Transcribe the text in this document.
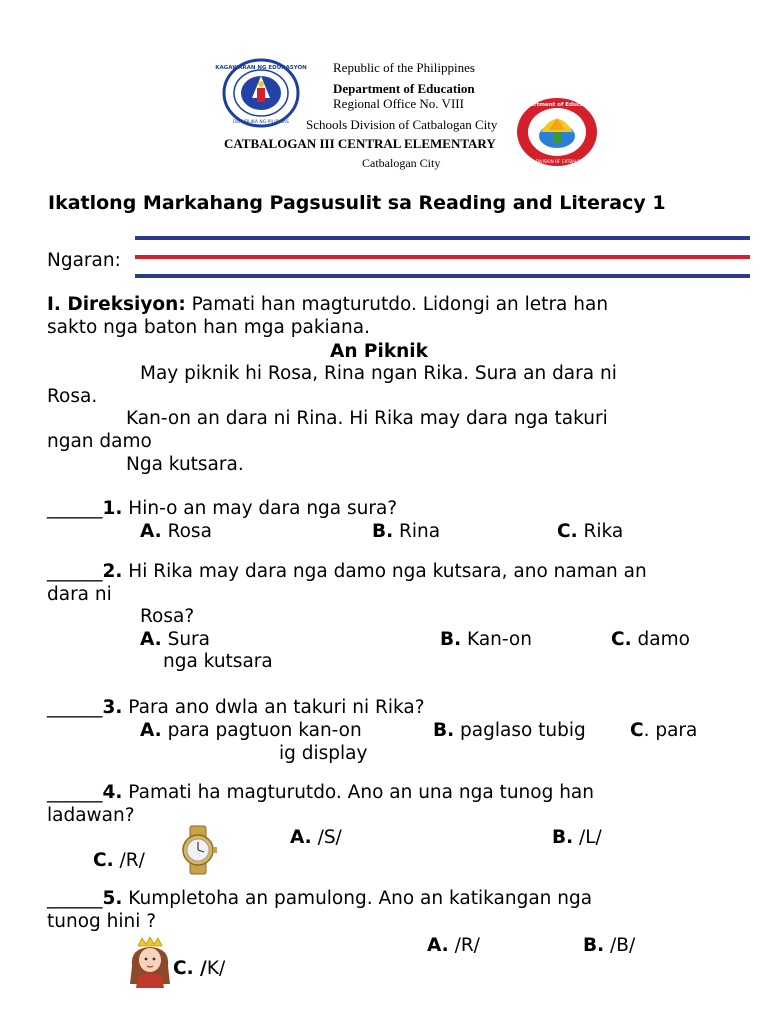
KAGAWARAN NG EDUKASYON
REPUBLIKA NG PILIPINAS
Department of Education
SCHOOLS DIVISION OF CATBALOGAN CITY
Republic of the Philippines
Department of Education
Regional Office No. VIII
Schools Division of Catbalogan City
CATBALOGAN III CENTRAL ELEMENTARY
Catbalogan City
Ikatlong Markahang Pagsusulit sa Reading and Literacy 1
Ngaran:
I. Direksiyon: Pamati han magturutdo. Lidongi an letra han
sakto nga baton han mga pakiana.
An Piknik
May piknik hi Rosa, Rina ngan Rika. Sura an dara ni
Rosa.
Kan-on an dara ni Rina. Hi Rika may dara nga takuri
ngan damo
Nga kutsara.
______1. Hin-o an may dara nga sura?
A. Rosa	B. Rina	C. Rika
______2. Hi Rika may dara nga damo nga kutsara, ano naman an
dara ni
Rosa?
A. Sura	B. Kan-on	C. damo
nga kutsara
______3. Para ano dwla an takuri ni Rika?
A. para pagtuon kan-on	B. paglaso tubig C. para
ig display
______4. Pamati ha magturutdo. Ano an una nga tunog han
ladawan?
A. /S/	B. /L/
C. /R/
______5. Kumpletoha an pamulong. Ano an katikangan nga
tunog hini ?
A. /R/	B. /B/
C. /K/
